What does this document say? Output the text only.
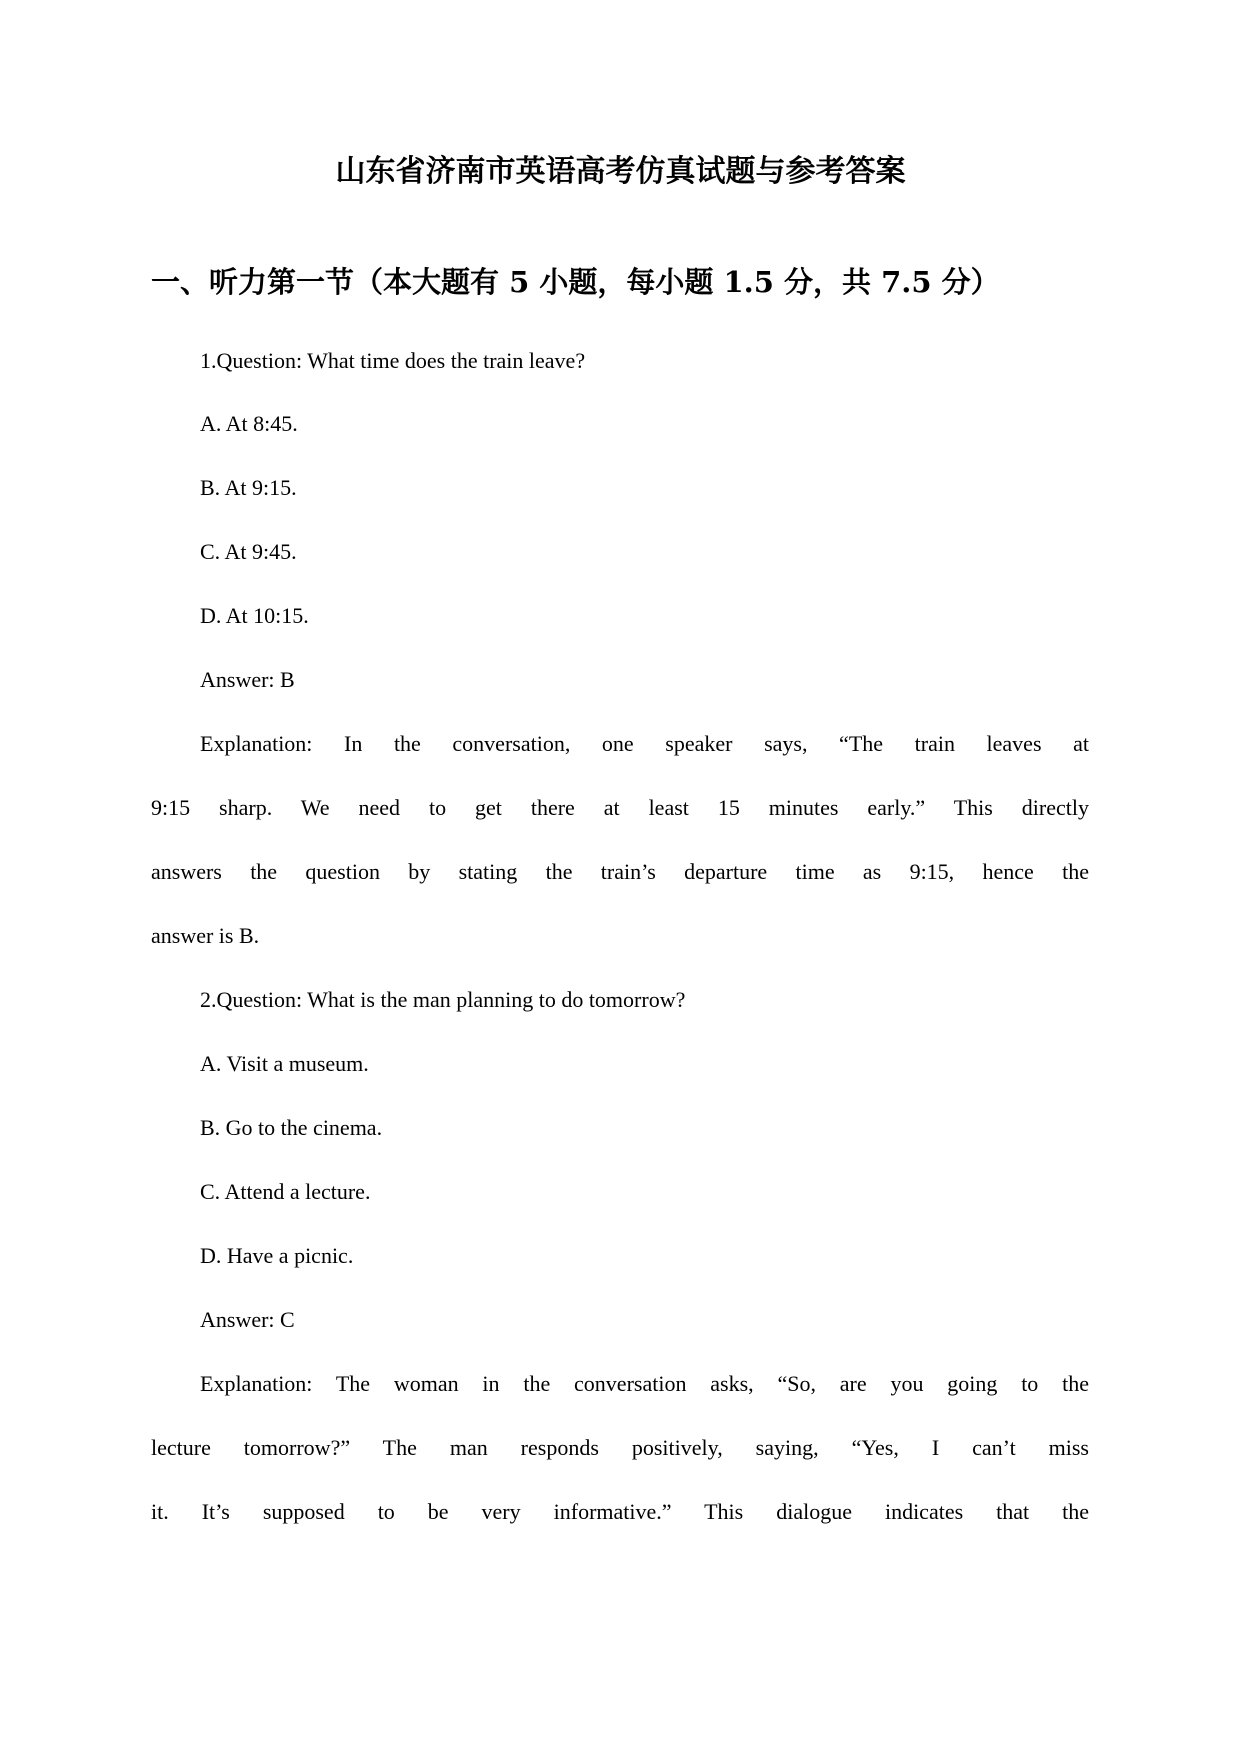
山东省济南市英语高考仿真试题与参考答案
一、听力第一节（本大题有 5 小题，每小题 1.5 分，共 7.5 分）
1.Question: What time does the train leave?
A. At 8:45.
B. At 9:15.
C. At 9:45.
D. At 10:15.
Answer: B
Explanation: In the conversation, one speaker says, “The train leaves at
9:15 sharp. We need to get there at least 15 minutes early.” This directly
answers the question by stating the train’s departure time as 9:15, hence the
answer is B.
2.Question: What is the man planning to do tomorrow?
A. Visit a museum.
B. Go to the cinema.
C. Attend a lecture.
D. Have a picnic.
Answer: C
Explanation: The woman in the conversation asks, “So, are you going to the
lecture tomorrow?” The man responds positively, saying, “Yes, I can’t miss
it. It’s supposed to be very informative.” This dialogue indicates that the
